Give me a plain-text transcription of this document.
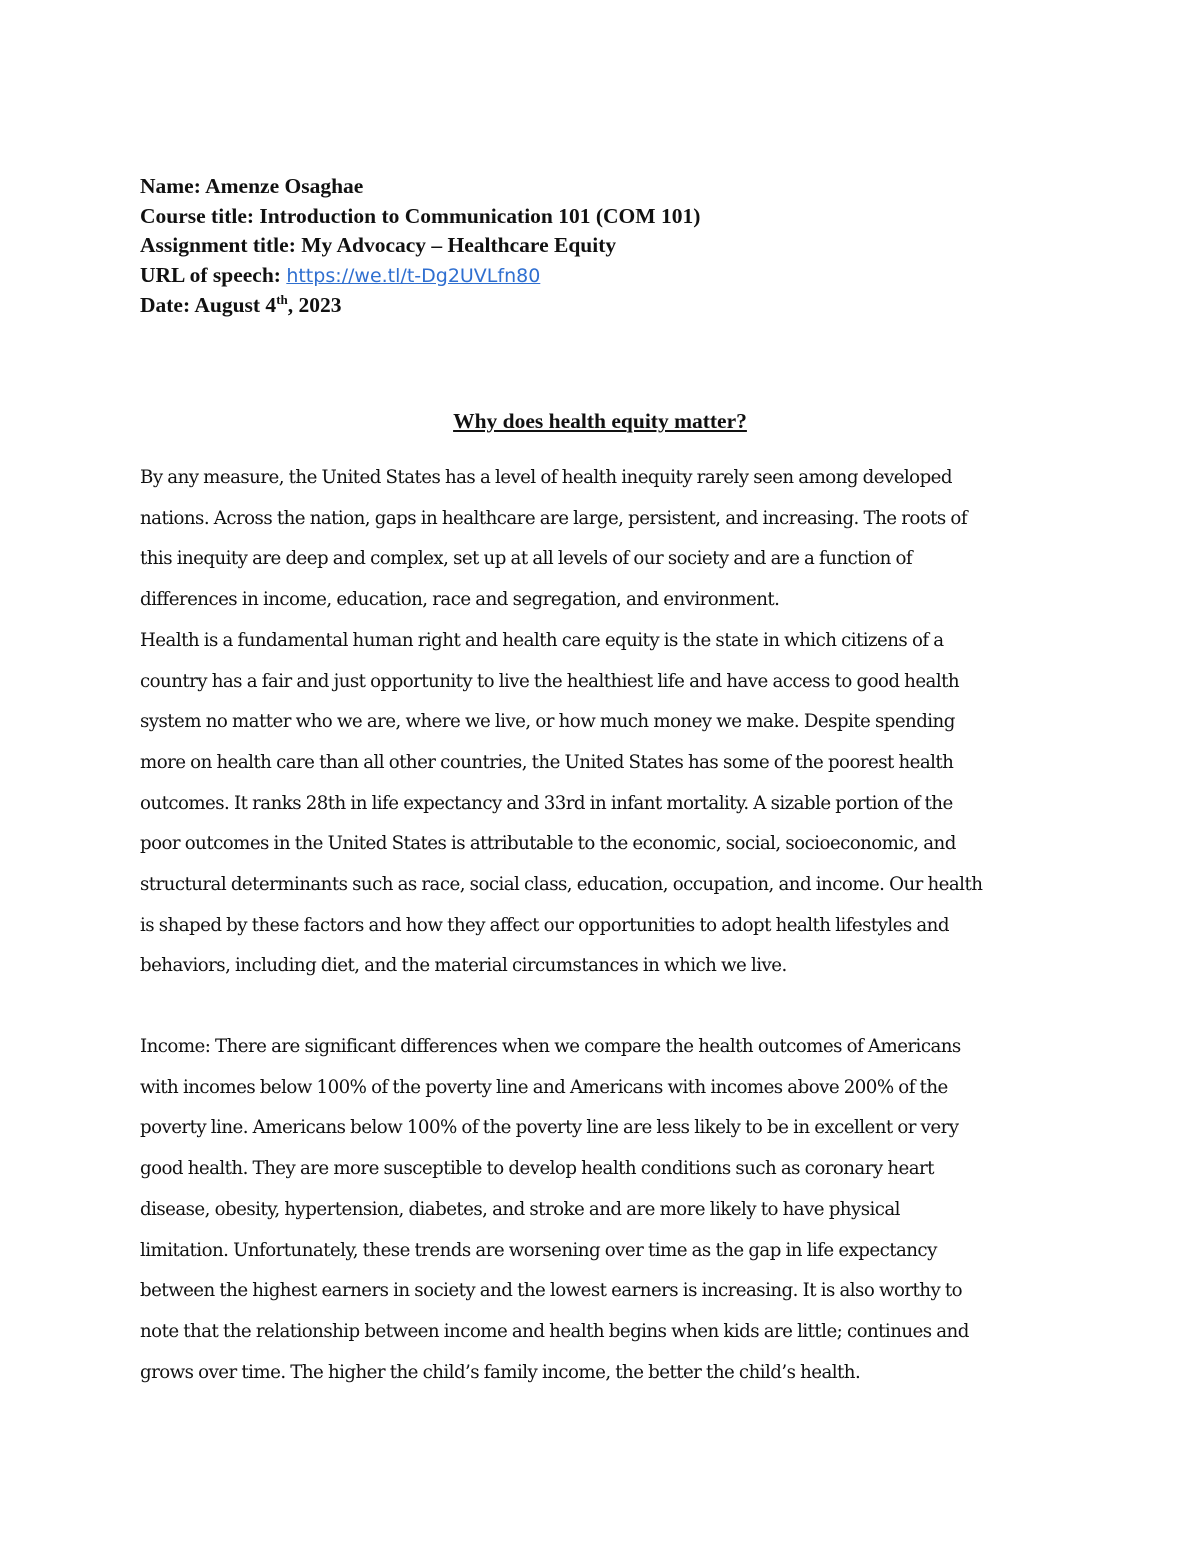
Name: Amenze Osaghae
Course title: Introduction to Communication 101 (COM 101)
Assignment title: My Advocacy – Healthcare Equity
URL of speech: https://we.tl/t-Dg2UVLfn80
Date: August 4th, 2023
Why does health equity matter?
By any measure, the United States has a level of health inequity rarely seen among developed
nations. Across the nation, gaps in healthcare are large, persistent, and increasing. The roots of
this inequity are deep and complex, set up at all levels of our society and are a function of
differences in income, education, race and segregation, and environment.
Health is a fundamental human right and health care equity is the state in which citizens of a
country has a fair and just opportunity to live the healthiest life and have access to good health
system no matter who we are, where we live, or how much money we make. Despite spending
more on health care than all other countries, the United States has some of the poorest health
outcomes. It ranks 28th in life expectancy and 33rd in infant mortality. A sizable portion of the
poor outcomes in the United States is attributable to the economic, social, socioeconomic, and
structural determinants such as race, social class, education, occupation, and income. Our health
is shaped by these factors and how they affect our opportunities to adopt health lifestyles and
behaviors, including diet, and the material circumstances in which we live.
Income: There are significant differences when we compare the health outcomes of Americans
with incomes below 100% of the poverty line and Americans with incomes above 200% of the
poverty line. Americans below 100% of the poverty line are less likely to be in excellent or very
good health. They are more susceptible to develop health conditions such as coronary heart
disease, obesity, hypertension, diabetes, and stroke and are more likely to have physical
limitation. Unfortunately, these trends are worsening over time as the gap in life expectancy
between the highest earners in society and the lowest earners is increasing. It is also worthy to
note that the relationship between income and health begins when kids are little; continues and
grows over time. The higher the child’s family income, the better the child’s health.
